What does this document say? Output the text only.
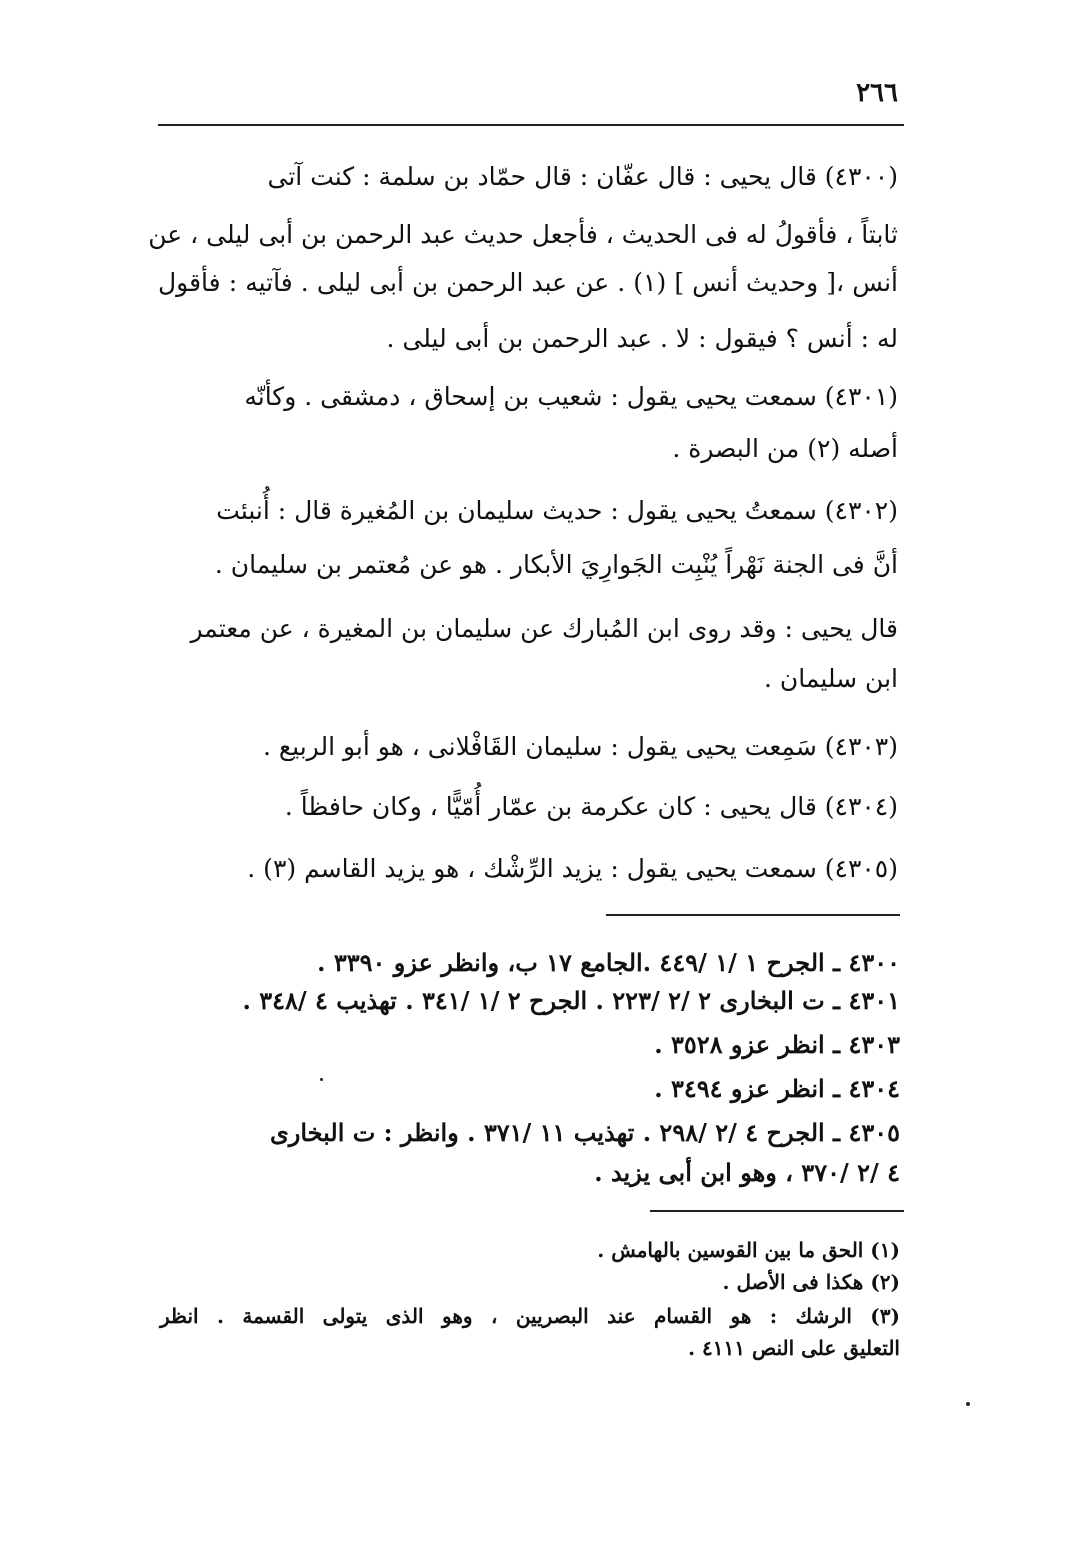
٢٦٦
(٤٣٠٠) قال يحيى : قال عفّان : قال حمّاد بن سلمة : كنت آتى
ثابتاً ، فأقولُ له فى الحديث ، فأجعل حديث عبد الرحمن بن أبى ليلى ، عن
أنس ،[ وحديث أنس ] (١) . عن عبد الرحمن بن أبى ليلى . فآتيه : فأقول
له : أنس ؟ فيقول : لا . عبد الرحمن بن أبى ليلى .
(٤٣٠١) سمعت يحيى يقول : شعيب بن إسحاق ، دمشقى . وكأنّه
أصله (٢) من البصرة .
(٤٣٠٢) سمعتُ يحيى يقول : حديث سليمان بن المُغيرة قال : أُنبئت
أنَّ فى الجنة نَهْراً يُنْبِت الجَوارِيَ الأبكار . هو عن مُعتمر بن سليمان .
قال يحيى : وقد روى ابن المُبارك عن سليمان بن المغيرة ، عن معتمر
ابن سليمان .
(٤٣٠٣) سَمِعت يحيى يقول : سليمان القَافْلانى ، هو أبو الربيع .
(٤٣٠٤) قال يحيى : كان عكرمة بن عمّار أُمّيًّا ، وكان حافظاً .
(٤٣٠٥) سمعت يحيى يقول : يزيد الرِّشْك ، هو يزيد القاسم (٣) .
٤٣٠٠ ـ الجرح ١ /١ /٤٤٩ .الجامع ١٧ ب، وانظر عزو ٣٣٩٠ .
٤٣٠١ ـ ت البخارى ٢ /٢ /٢٢٣ . الجرح ٢ /١ /٣٤١ . تهذيب ٤ /٣٤٨ .
٤٣٠٣ ـ انظر عزو ٣٥٢٨ .
٤٣٠٤ ـ انظر عزو ٣٤٩٤ .
٤٣٠٥ ـ الجرح ٤ /٢ /٢٩٨ . تهذيب ١١ /٣٧١ . وانظر : ت البخارى
٤ /٢ /٣٧٠ ، وهو ابن أبى يزيد .
(١) الحق ما بين القوسين بالهامش .
(٢) هكذا فى الأصل .
(٣) الرشك : هو القسام عند البصريين ، وهو الذى يتولى القسمة . انظر
التعليق على النص ٤١١١ .
